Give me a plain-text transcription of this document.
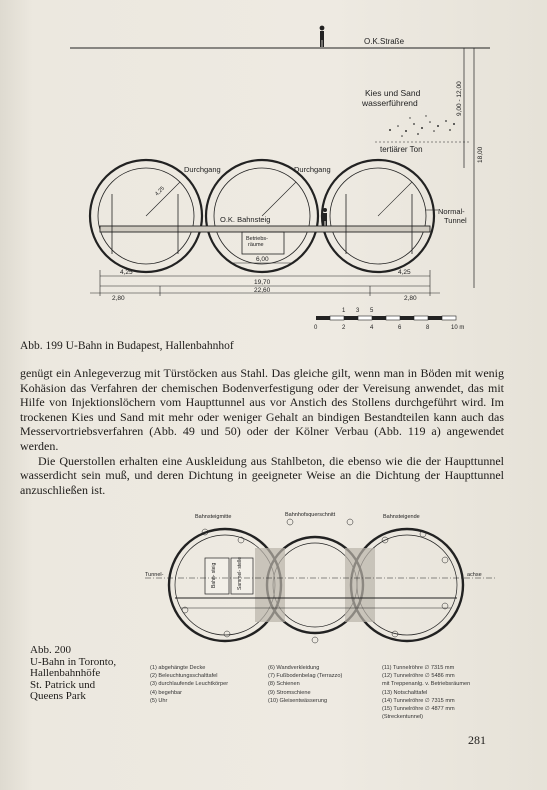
O.K.Straße
9,00 - 12,00
18,00
Kies und Sand
wasserführend
tertiärer Ton
4,25
Durchgang	Durchgang
O.K. Bahnsteig
Betriebs-räume
Normal-
Tunnel
6,00
4,25	4,25
19,70
22,60
2,80	2,80
1 3 5
0	2	4	6	8	10 m
Abb. 199 U-Bahn in Budapest, Hallenbahnhof

genügt ein Anlegeverzug mit Türstöcken aus Stahl. Das gleiche gilt, wenn man in Böden mit wenig Kohäsion das Verfahren der chemischen Bodenverfestigung oder der Vereisung anwendet, das mit Hilfe von Injektionslöchern vom Haupttunnel aus vor Anstich des Stollens durchgeführt wird. Im trockenen Kies und Sand mit mehr oder weniger Gehalt an bindigen Bestandteilen kann auch das Messervortriebsverfahren (Abb. 49 und 50) oder der Kölner Verbau (Abb. 119 a) angewendet werden.

Die Querstollen erhalten eine Auskleidung aus Stahlbeton, die ebenso wie die der Haupttunnel wasserdicht sein muß, und deren Dichtung in geeigneter Weise an die Dichtung der Haupttunnel anzuschließen ist.

Bahnsteigmitte	Bahnhofsquerschnitt	Bahnsteigende
Bahn- steig	Sammel- stelle
Tunnel-	achse
Abb. 200
U-Bahn in Toronto,
Hallenbahnhöfe
St. Patrick und
Queens Park
(1) abgehängte Decke
(2) Beleuchtungsschalttafel
(3) durchlaufende Leuchtkörper
(4) begehbar
(5) Uhr
(6) Wandverkleidung
(7) Fußbodenbelag (Terrazzo)
(8) Schienen
(9) Stromschiene
(10) Gleisentwässerung
(11) Tunnelröhre ∅ 7315 mm
(12) Tunnelröhre ∅ 5486 mm
mit Treppenanlg. v. Betriebsräumen
(13) Notschalttafel
(14) Tunnelröhre ∅ 7315 mm
(15) Tunnelröhre ∅ 4877 mm
(Streckentunnel)
281
